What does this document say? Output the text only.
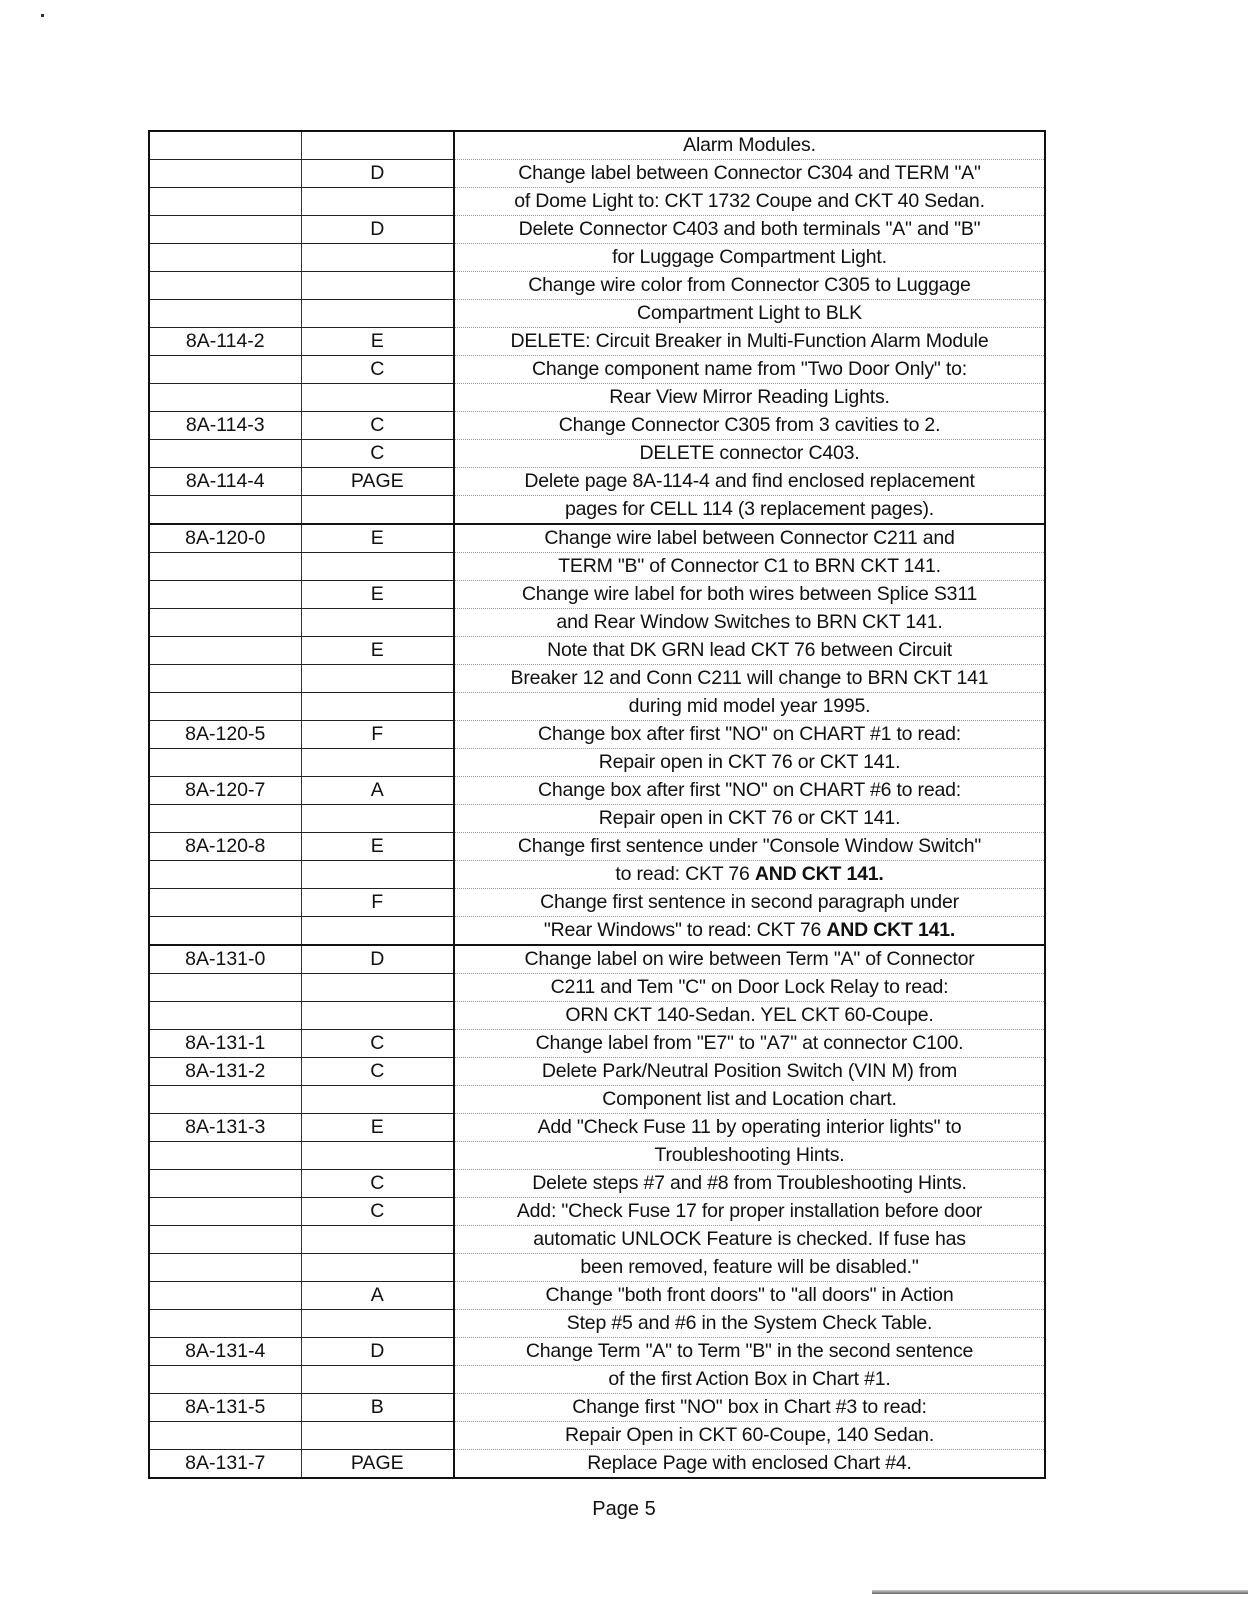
		Alarm Modules.
	D	Change label between Connector C304 and TERM "A"
		of Dome Light to: CKT 1732 Coupe and CKT 40 Sedan.
	D	Delete Connector C403 and both terminals "A" and "B"
		for Luggage Compartment Light.
		Change wire color from Connector C305 to Luggage
		Compartment Light to BLK
8A-114-2	E	DELETE: Circuit Breaker in Multi-Function Alarm Module
	C	Change component name from "Two Door Only" to:
		Rear View Mirror Reading Lights.
8A-114-3	C	Change Connector C305 from 3 cavities to 2.
	C	DELETE connector C403.
8A-114-4	PAGE	Delete page 8A-114-4 and find enclosed replacement
		pages for CELL 114 (3 replacement pages).
8A-120-0	E	Change wire label between Connector C211 and
		TERM "B" of Connector C1 to BRN CKT 141.
	E	Change wire label for both wires between Splice S311
		and Rear Window Switches to BRN CKT 141.
	E	Note that DK GRN lead CKT 76 between Circuit
		Breaker 12 and Conn C211 will change to BRN CKT 141
		during mid model year 1995.
8A-120-5	F	Change box after first "NO" on CHART #1 to read:
		Repair open in CKT 76 or CKT 141.
8A-120-7	A	Change box after first "NO" on CHART #6 to read:
		Repair open in CKT 76 or CKT 141.
8A-120-8	E	Change first sentence under "Console Window Switch"
		to read: CKT 76 AND CKT 141.
	F	Change first sentence in second paragraph under
		"Rear Windows" to read: CKT 76 AND CKT 141.
8A-131-0	D	Change label on wire between Term "A" of Connector
		C211 and Tem "C" on Door Lock Relay to read:
		ORN CKT 140-Sedan. YEL CKT 60-Coupe.
8A-131-1	C	Change label from "E7" to "A7" at connector C100.
8A-131-2	C	Delete Park/Neutral Position Switch (VIN M) from
		Component list and Location chart.
8A-131-3	E	Add "Check Fuse 11 by operating interior lights" to
		Troubleshooting Hints.
	C	Delete steps #7 and #8 from Troubleshooting Hints.
	C	Add: "Check Fuse 17 for proper installation before door
		automatic UNLOCK Feature is checked. If fuse has
		been removed, feature will be disabled."
	A	Change "both front doors" to "all doors" in Action
		Step #5 and #6 in the System Check Table.
8A-131-4	D	Change Term "A" to Term "B" in the second sentence
		of the first Action Box in Chart #1.
8A-131-5	B	Change first "NO" box in Chart #3 to read:
		Repair Open in CKT 60-Coupe, 140 Sedan.
8A-131-7	PAGE	Replace Page with enclosed Chart #4.
Page 5
